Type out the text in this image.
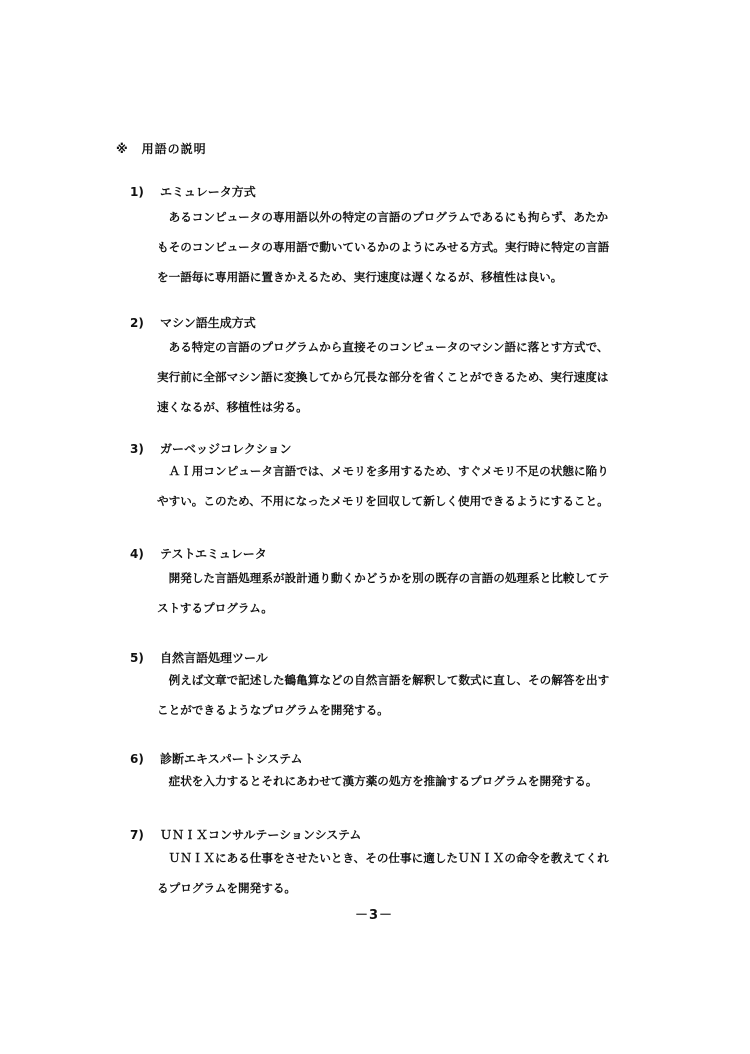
※　用語の説明
1) エミュレータ方式

　あるコンピュータの専用語以外の特定の言語のプログラムであるにも拘らず、あたか

もそのコンピュータの専用語で動いているかのようにみせる方式。実行時に特定の言語

を一語毎に専用語に置きかえるため、実行速度は遅くなるが、移植性は良い。

2) マシン語生成方式

　ある特定の言語のプログラムから直接そのコンピュータのマシン語に落とす方式で、

実行前に全部マシン語に変換してから冗長な部分を省くことができるため、実行速度は

速くなるが、移植性は劣る。

3) ガーベッジコレクション

　ＡＩ用コンピュータ言語では、メモリを多用するため、すぐメモリ不足の状態に陥り

やすい。このため、不用になったメモリを回収して新しく使用できるようにすること。

4) テストエミュレータ

　開発した言語処理系が設計通り動くかどうかを別の既存の言語の処理系と比較してテ

ストするプログラム。

5) 自然言語処理ツール

　例えば文章で記述した鶴亀算などの自然言語を解釈して数式に直し、その解答を出す

ことができるようなプログラムを開発する。

6) 診断エキスパートシステム

　症状を入力するとそれにあわせて漢方薬の処方を推論するプログラムを開発する。

7) ＵＮＩＸコンサルテーションシステム

　ＵＮＩＸにある仕事をさせたいとき、その仕事に適したＵＮＩＸの命令を教えてくれ

るプログラムを開発する。

－3－
